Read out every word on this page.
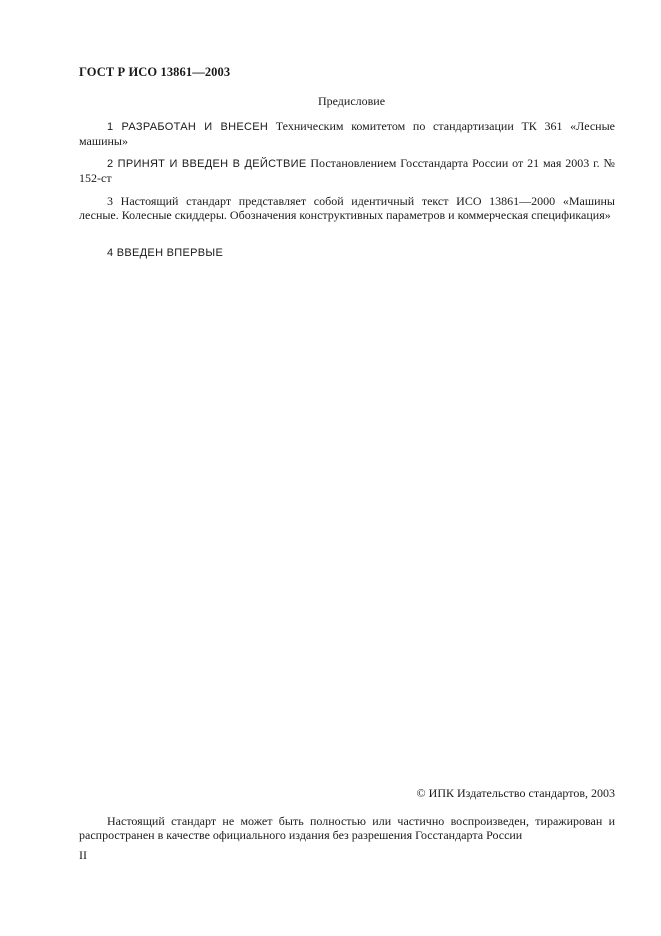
ГОСТ Р ИСО 13861—2003
Предисловие

1 РАЗРАБОТАН И ВНЕСЕН Техническим комитетом по стандартизации ТК 361 «Лесные машины»

2 ПРИНЯТ И ВВЕДЕН В ДЕЙСТВИЕ Постановлением Госстандарта России от 21 мая 2003 г. № 152-ст

3 Настоящий стандарт представляет собой идентичный текст ИСО 13861—2000 «Машины лесные. Колесные скиддеры. Обозначения конструктивных параметров и коммерческая спецификация»

4 ВВЕДЕН ВПЕРВЫЕ

© ИПК Издательство стандартов, 2003

Настоящий стандарт не может быть полностью или частично воспроизведен, тиражирован и распространен в качестве официального издания без разрешения Госстандарта России

II
